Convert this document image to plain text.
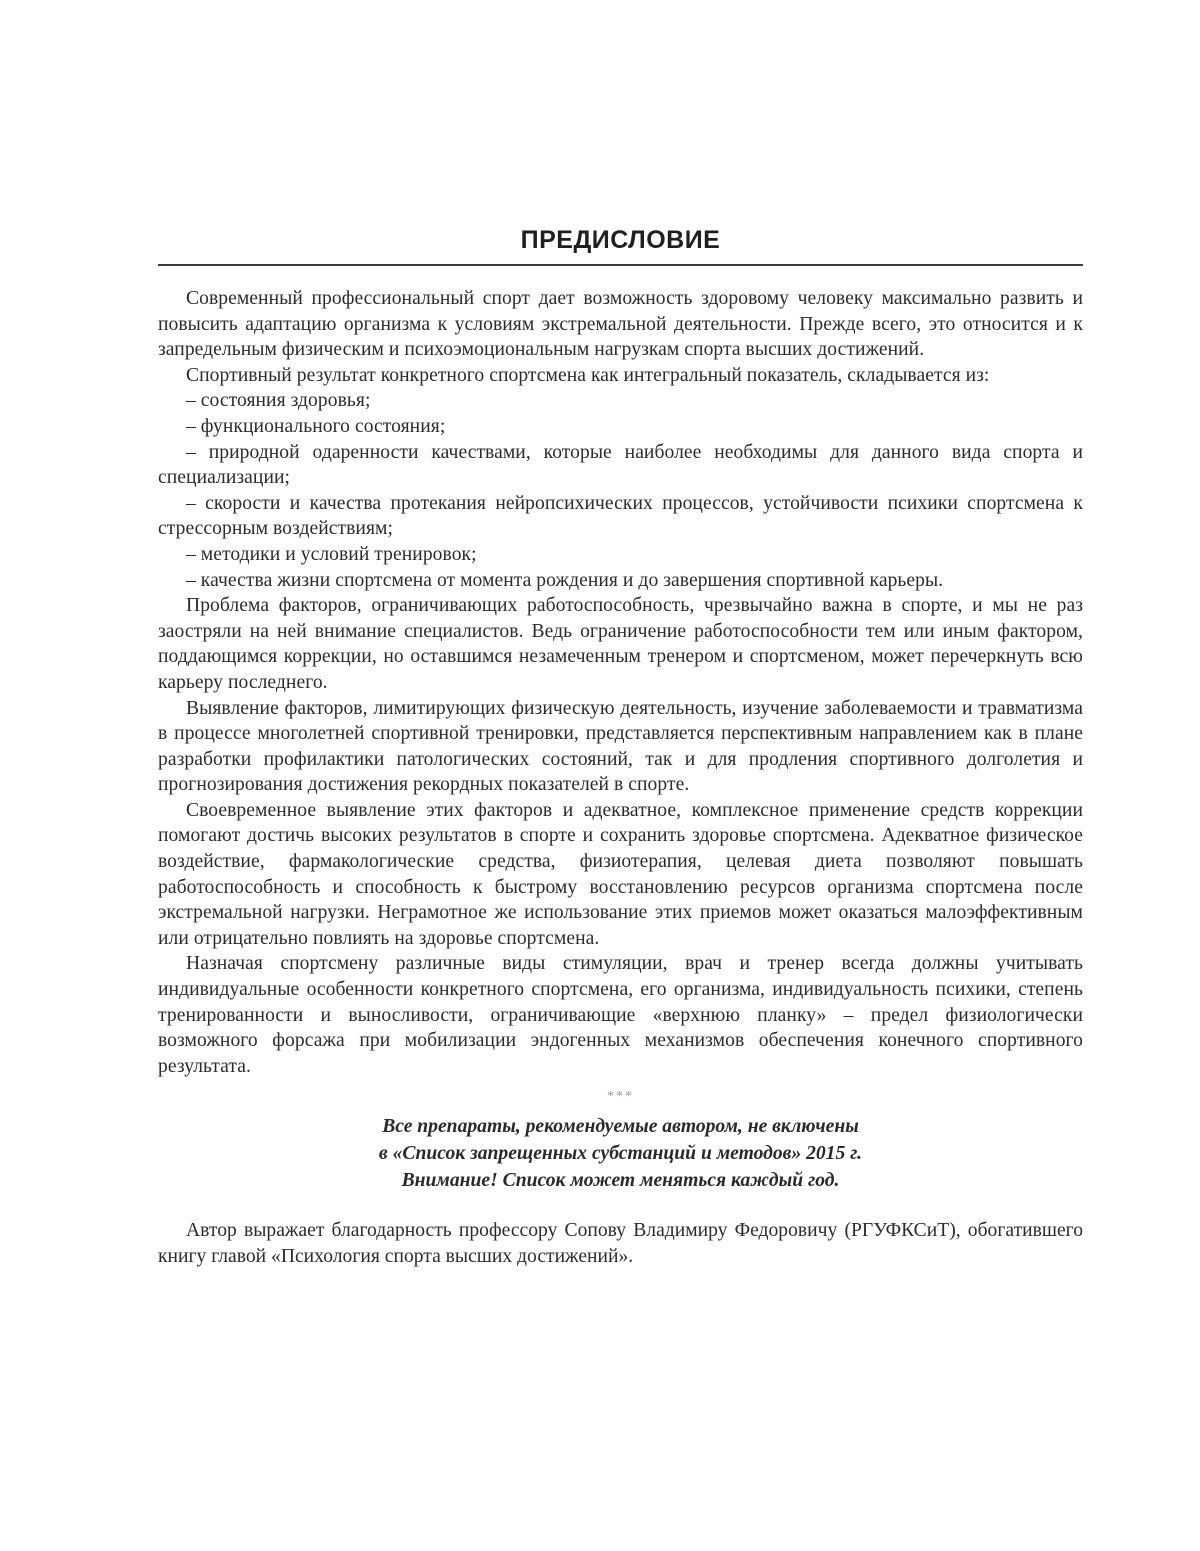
ПРЕДИСЛОВИЕ

Современный профессиональный спорт дает возможность здоровому человеку максимально развить и повысить адаптацию организма к условиям экстремальной деятельности. Прежде всего, это относится и к запредельным физическим и психоэмоциональным нагрузкам спорта высших достижений.

Спортивный результат конкретного спортсмена как интегральный показатель, складывается из:

– состояния здоровья;

– функционального состояния;

– природной одаренности качествами, которые наиболее необходимы для данного вида спорта и специализации;

– скорости и качества протекания нейропсихических процессов, устойчивости психики спортсмена к стрессорным воздействиям;

– методики и условий тренировок;

– качества жизни спортсмена от момента рождения и до завершения спортивной карьеры.

Проблема факторов, ограничивающих работоспособность, чрезвычайно важна в спорте, и мы не раз заостряли на ней внимание специалистов. Ведь ограничение работоспособности тем или иным фактором, поддающимся коррекции, но оставшимся незамеченным тренером и спортсменом, может перечеркнуть всю карьеру последнего.

Выявление факторов, лимитирующих физическую деятельность, изучение заболеваемости и травматизма в процессе многолетней спортивной тренировки, представляется перспективным направлением как в плане разработки профилактики патологических состояний, так и для продления спортивного долголетия и прогнозирования достижения рекордных показателей в спорте.

Своевременное выявление этих факторов и адекватное, комплексное применение средств коррекции помогают достичь высоких результатов в спорте и сохранить здоровье спортсмена. Адекватное физическое воздействие, фармакологические средства, физиотерапия, целевая диета позволяют повышать работоспособность и способность к быстрому восстановлению ресурсов организма спортсмена после экстремальной нагрузки. Неграмотное же использование этих приемов может оказаться малоэффективным или отрицательно повлиять на здоровье спортсмена.

Назначая спортсмену различные виды стимуляции, врач и тренер всегда должны учитывать индивидуальные особенности конкретного спортсмена, его организма, индивидуальность психики, степень тренированности и выносливости, ограничивающие «верхнюю планку» – предел физиологически возможного форсажа при мобилизации эндогенных механизмов обеспечения конечного спортивного результата.

***
Все препараты, рекомендуемые автором, не включены
в «Список запрещенных субстанций и методов» 2015 г.
Внимание! Список может меняться каждый год.

Автор выражает благодарность профессору Сопову Владимиру Федоровичу (РГУФКСиТ), обогатившего книгу главой «Психология спорта высших достижений».
